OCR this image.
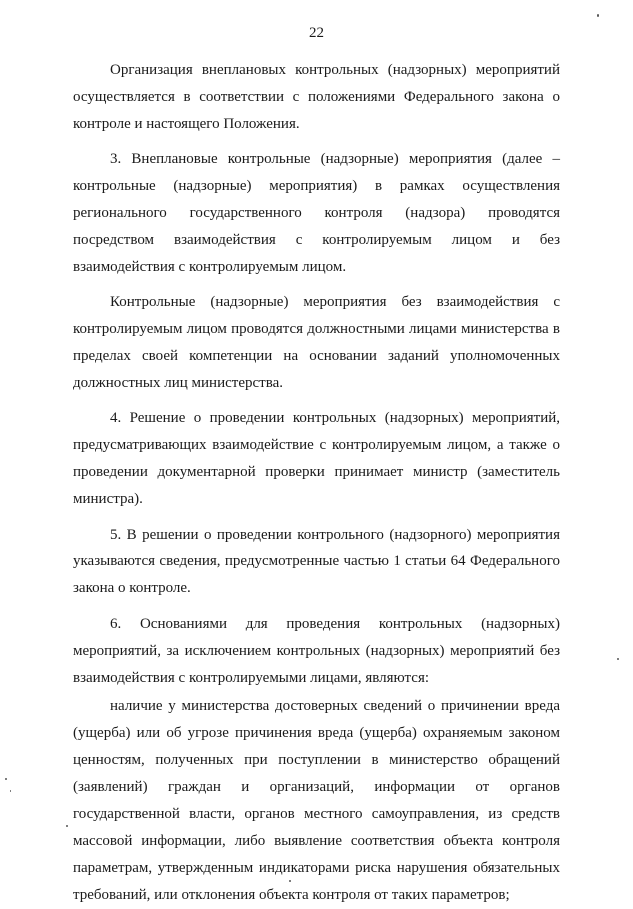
22

Организация внеплановых контрольных (надзорных) мероприятий осуществляется в соответствии с положениями Федерального закона о контроле и настоящего Положения.

3. Внеплановые контрольные (надзорные) мероприятия (далее – контрольные (надзорные) мероприятия) в рамках осуществления регионального государственного контроля (надзора) проводятся посредством взаимодействия с контролируемым лицом и без взаимодействия с контролируемым лицом.

Контрольные (надзорные) мероприятия без взаимодействия с контролируемым лицом проводятся должностными лицами министерства в пределах своей компетенции на основании заданий уполномоченных должностных лиц министерства.

4. Решение о проведении контрольных (надзорных) мероприятий, предусматривающих взаимодействие с контролируемым лицом, а также о проведении документарной проверки принимает министр (заместитель министра).

5. В решении о проведении контрольного (надзорного) мероприятия указываются сведения, предусмотренные частью 1 статьи 64 Федерального закона о контроле.

6. Основаниями для проведения контрольных (надзорных) мероприятий, за исключением контрольных (надзорных) мероприятий без взаимодействия с контролируемыми лицами, являются:

наличие у министерства достоверных сведений о причинении вреда (ущерба) или об угрозе причинения вреда (ущерба) охраняемым законом ценностям, полученных при поступлении в министерство обращений (заявлений) граждан и организаций, информации от органов государственной власти, органов местного самоуправления, из средств массовой информации, либо выявление соответствия объекта контроля параметрам, утвержденным индикаторами риска нарушения обязательных требований, или отклонения объекта контроля от таких параметров;
